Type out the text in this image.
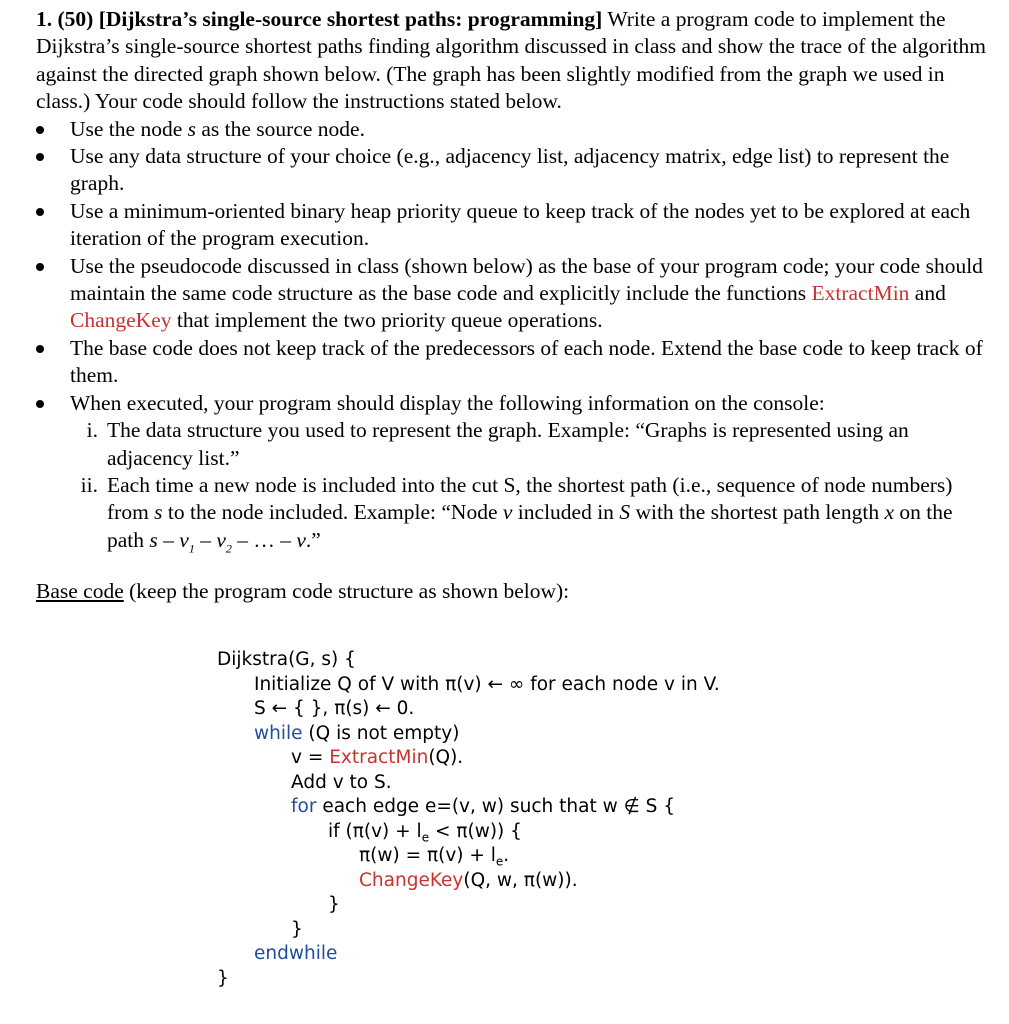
1. (50) [Dijkstra’s single-source shortest paths: programming] Write a program code to implement the Dijkstra’s single-source shortest paths finding algorithm discussed in class and show the trace of the algorithm against the directed graph shown below. (The graph has been slightly modified from the graph we used in class.) Your code should follow the instructions stated below.

Use the node s as the source node.
Use any data structure of your choice (e.g., adjacency list, adjacency matrix, edge list) to represent the graph.
Use a minimum-oriented binary heap priority queue to keep track of the nodes yet to be explored at each iteration of the program execution.
Use the pseudocode discussed in class (shown below) as the base of your program code; your code should maintain the same code structure as the base code and explicitly include the functions ExtractMin and ChangeKey that implement the two priority queue operations.
The base code does not keep track of the predecessors of each node. Extend the base code to keep track of them.
When executed, your program should display the following information on the console:
i. The data structure you used to represent the graph. Example: “Graphs is represented using an adjacency list.”
ii. Each time a new node is included into the cut S, the shortest path (i.e., sequence of node numbers) from s to the node included. Example: “Node v included in S with the shortest path length x on the path s – $v_1 - v_2$ – … – v.”

Base code (keep the program code structure as shown below):

Dijkstra(G, s) {
Initialize Q of V with π(v) ← ∞ for each node v in V.
S ← { }, π(s) ← 0.
while (Q is not empty)
v = ExtractMin(Q).
Add v to S.
for each edge e=(v, w) such that w ∉ S {
if $(\pi(v) + l_e < \pi(w))$ {
$\pi(w) = \pi(v) + l_e$.
ChangeKey(Q, w, π(w)).
}
}
endwhile
}
